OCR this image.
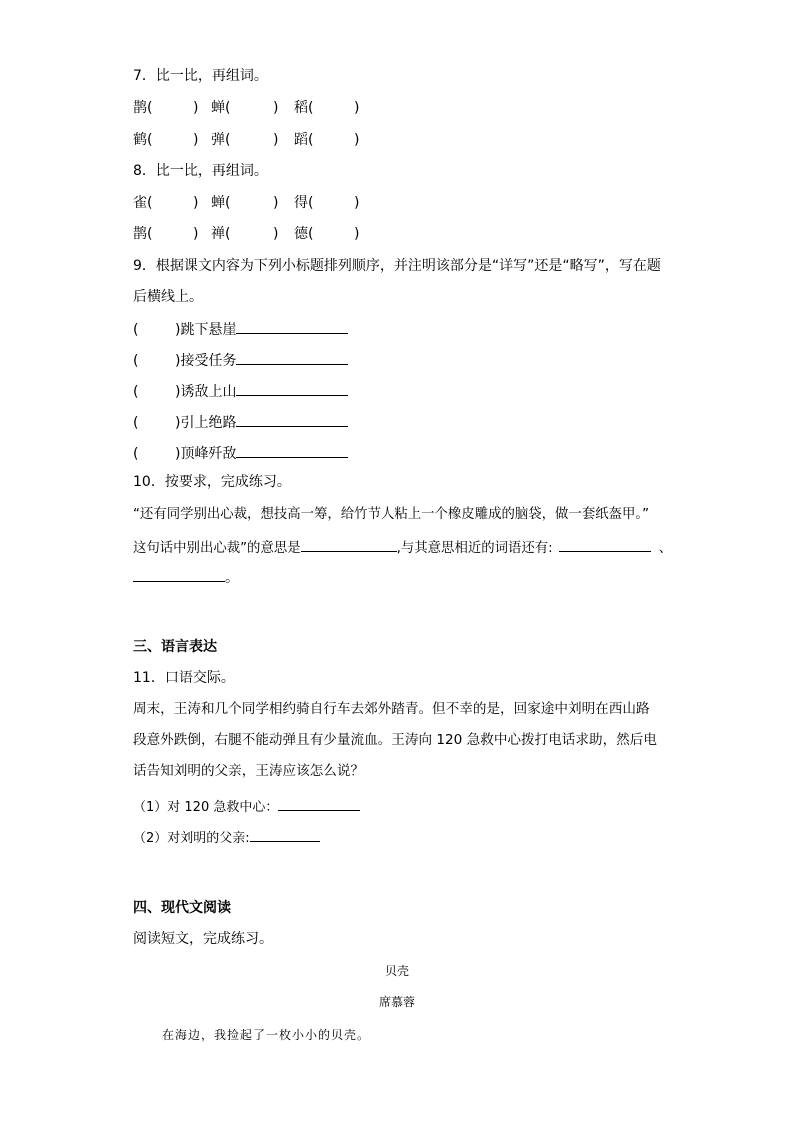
7．比一比，再组词。
鹊(	) 蝉(	) 稻(	)
鹤(	) 弹(	) 蹈(	)
8．比一比，再组词。
雀(	) 蝉(	) 得(	)
鹊(	) 禅(	) 德(	)
9．根据课文内容为下列小标题排列顺序，并注明该部分是“详写”还是“略写”，写在题
后横线上。
(	)跳下悬崖
(	)接受任务
(	)诱敌上山
(	)引上绝路
(	)顶峰歼敌
10．按要求，完成练习。
“还有同学别出心裁，想技高一筹，给竹节人粘上一个橡皮雕成的脑袋，做一套纸盔甲。”
这句话中别出心裁”的意思是	,与其意思相近的词语还有:	、
。
三、语言表达
11．口语交际。
周末，王涛和几个同学相约骑自行车去郊外踏青。但不幸的是，回家途中刘明在西山路
段意外跌倒，右腿不能动弹且有少量流血。王涛向 120 急救中心拨打电话求助，然后电
话告知刘明的父亲，王涛应该怎么说？
（1）对 120 急救中心：
（2）对刘明的父亲:
四、现代文阅读
阅读短文，完成练习。
贝壳
席慕蓉
在海边，我捡起了一枚小小的贝壳。
